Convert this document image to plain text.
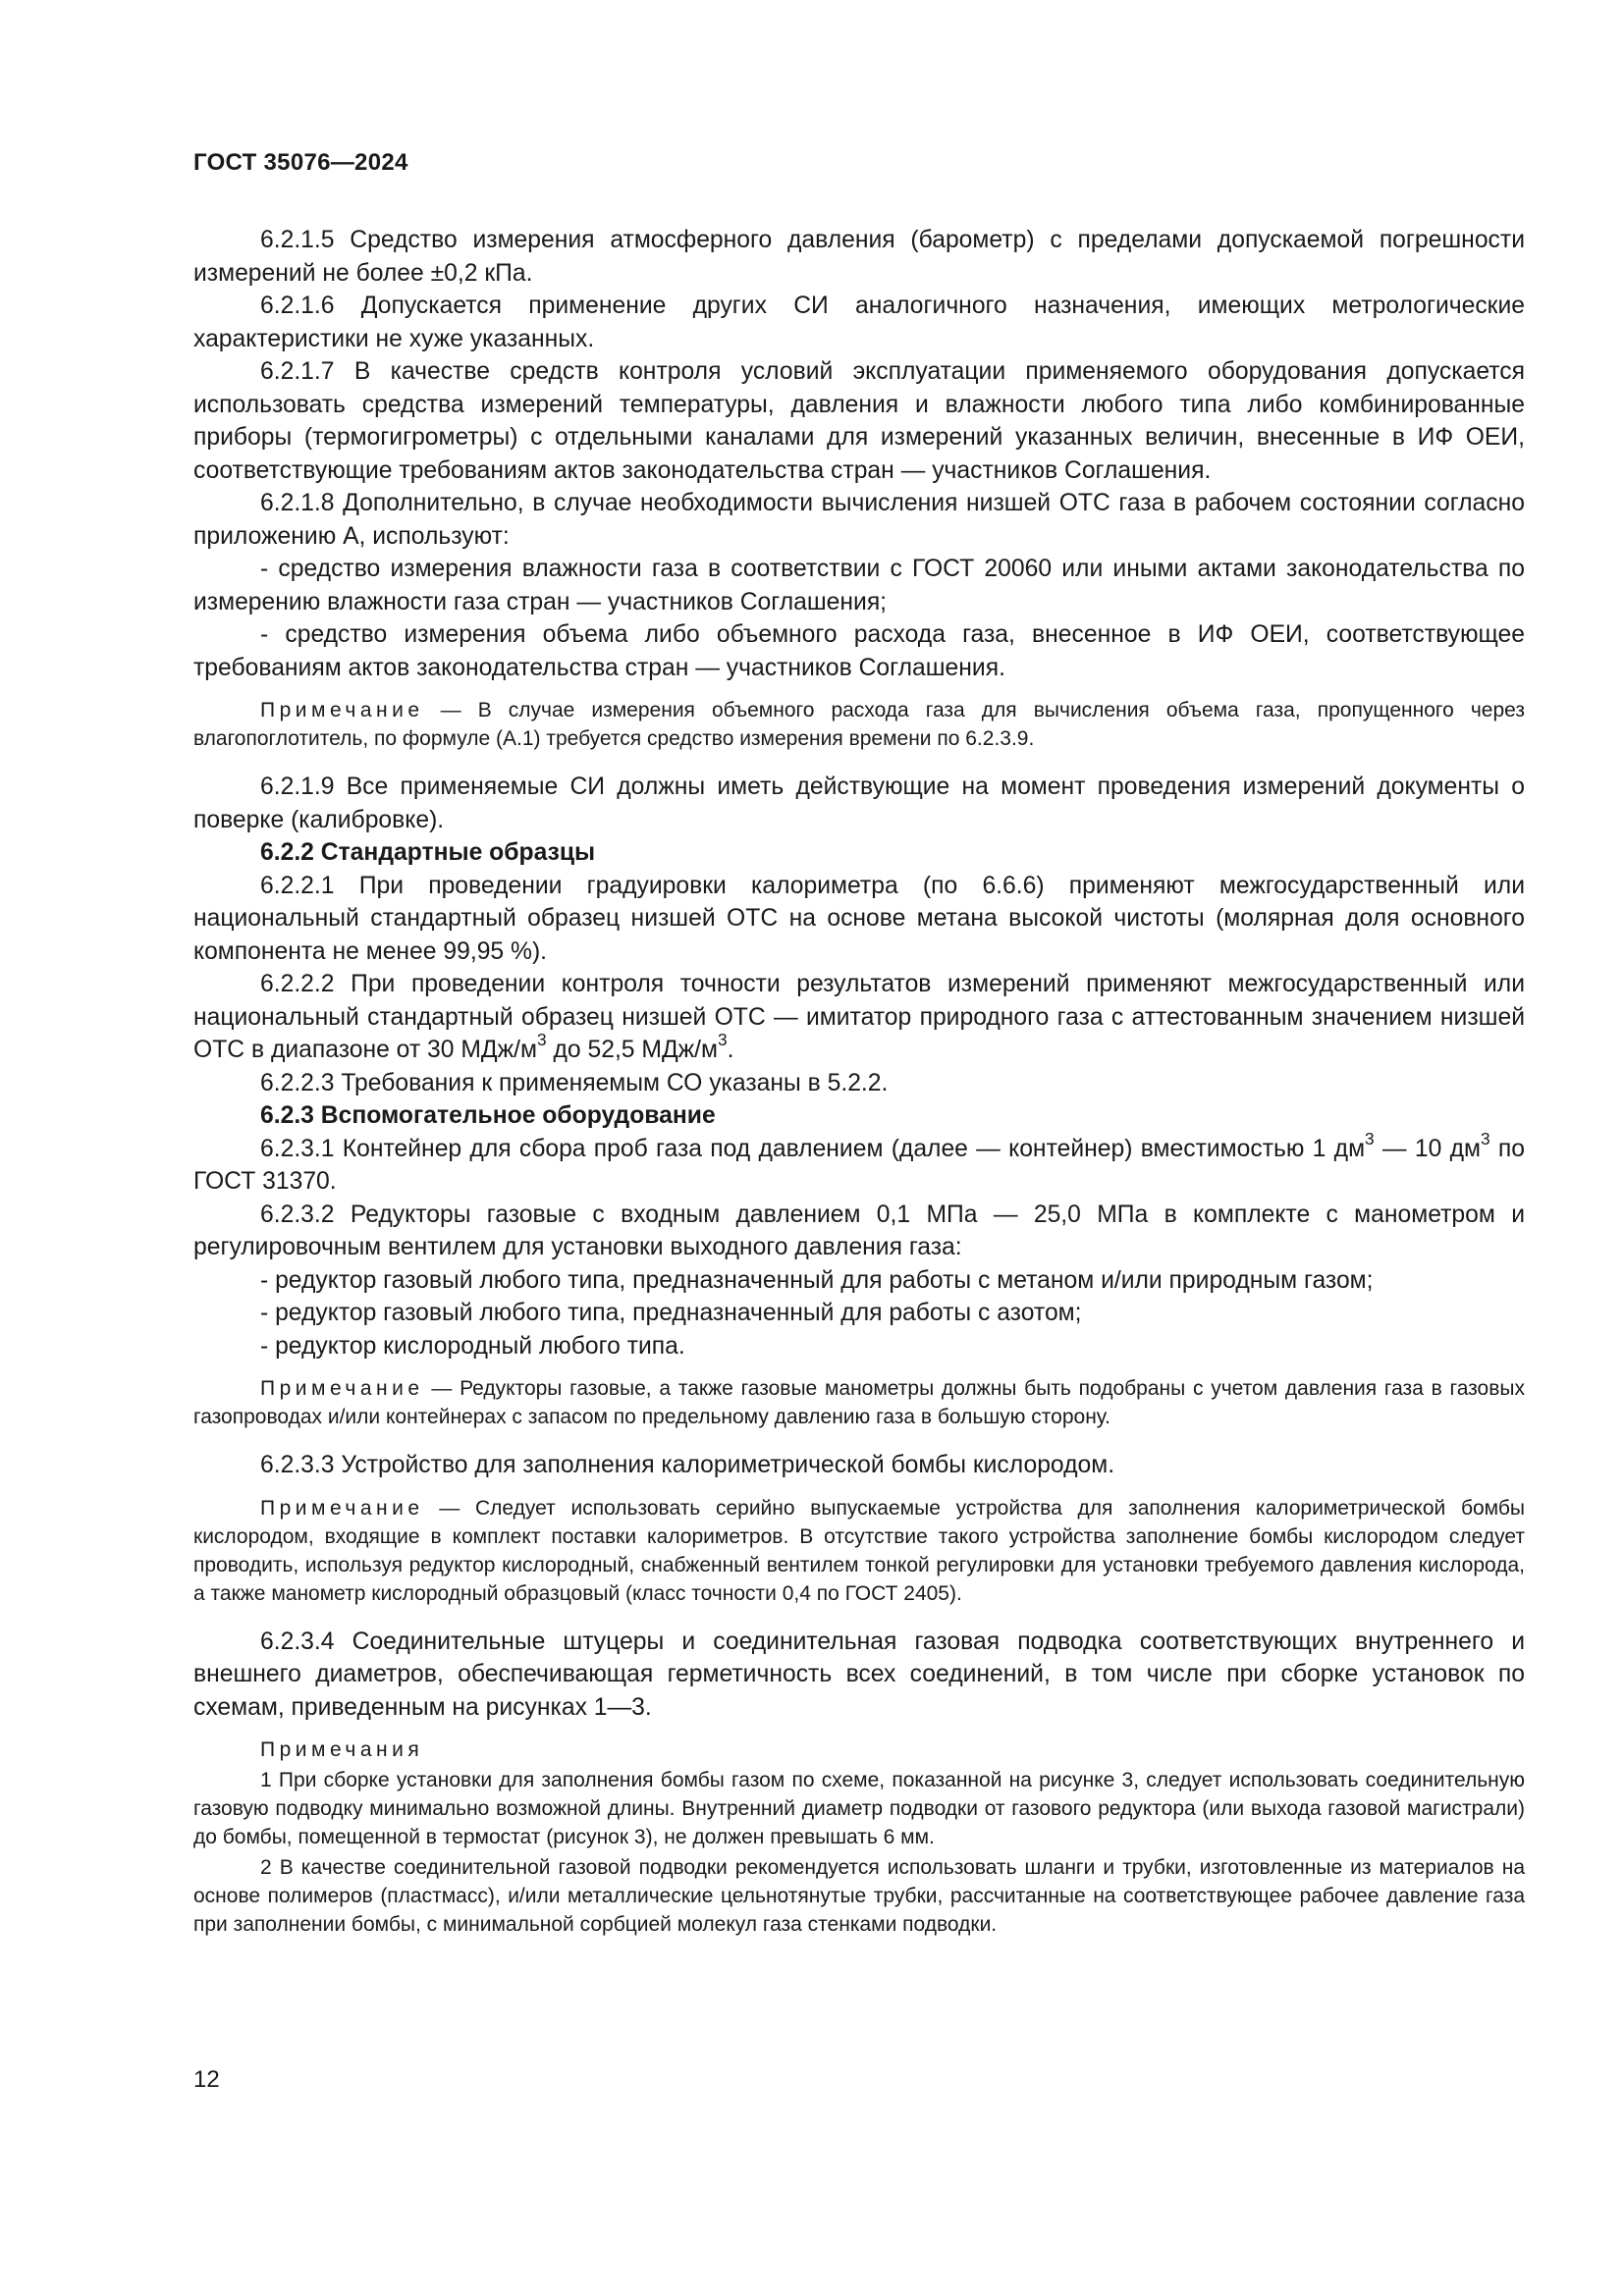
ГОСТ 35076—2024

6.2.1.5 Средство измерения атмосферного давления (барометр) с пределами допускаемой погрешности измерений не более ±0,2 кПа.

6.2.1.6 Допускается применение других СИ аналогичного назначения, имеющих метрологические характеристики не хуже указанных.

6.2.1.7 В качестве средств контроля условий эксплуатации применяемого оборудования допускается использовать средства измерений температуры, давления и влажности любого типа либо комбинированные приборы (термогигрометры) с отдельными каналами для измерений указанных величин, внесенные в ИФ ОЕИ, соответствующие требованиям актов законодательства стран — участников Соглашения.

6.2.1.8 Дополнительно, в случае необходимости вычисления низшей ОТС газа в рабочем состоянии согласно приложению А, используют:

- средство измерения влажности газа в соответствии с ГОСТ 20060 или иными актами законодательства по измерению влажности газа стран — участников Соглашения;

- средство измерения объема либо объемного расхода газа, внесенное в ИФ ОЕИ, соответствующее требованиям актов законодательства стран — участников Соглашения.

Примечание — В случае измерения объемного расхода газа для вычисления объема газа, пропущенного через влагопоглотитель, по формуле (А.1) требуется средство измерения времени по 6.2.3.9.

6.2.1.9 Все применяемые СИ должны иметь действующие на момент проведения измерений документы о поверке (калибровке).

6.2.2 Стандартные образцы

6.2.2.1 При проведении градуировки калориметра (по 6.6.6) применяют межгосударственный или национальный стандартный образец низшей ОТС на основе метана высокой чистоты (молярная доля основного компонента не менее 99,95 %).

6.2.2.2 При проведении контроля точности результатов измерений применяют межгосударственный или национальный стандартный образец низшей ОТС — имитатор природного газа с аттестованным значением низшей ОТС в диапазоне от 30 МДж/$м^3$ до 52,5 МДж/$м^3$.

6.2.2.3 Требования к применяемым СО указаны в 5.2.2.

6.2.3 Вспомогательное оборудование

6.2.3.1 Контейнер для сбора проб газа под давлением (далее — контейнер) вместимостью 1 $дм^3$ — 10 $дм^3$ по ГОСТ 31370.

6.2.3.2 Редукторы газовые с входным давлением 0,1 МПа — 25,0 МПа в комплекте с манометром и регулировочным вентилем для установки выходного давления газа:

- редуктор газовый любого типа, предназначенный для работы с метаном и/или природным газом;

- редуктор газовый любого типа, предназначенный для работы с азотом;

- редуктор кислородный любого типа.

Примечание — Редукторы газовые, а также газовые манометры должны быть подобраны с учетом давления газа в газовых газопроводах и/или контейнерах с запасом по предельному давлению газа в большую сторону.

6.2.3.3 Устройство для заполнения калориметрической бомбы кислородом.

Примечание — Следует использовать серийно выпускаемые устройства для заполнения калориметрической бомбы кислородом, входящие в комплект поставки калориметров. В отсутствие такого устройства заполнение бомбы кислородом следует проводить, используя редуктор кислородный, снабженный вентилем тонкой регулировки для установки требуемого давления кислорода, а также манометр кислородный образцовый (класс точности 0,4 по ГОСТ 2405).

6.2.3.4 Соединительные штуцеры и соединительная газовая подводка соответствующих внутреннего и внешнего диаметров, обеспечивающая герметичность всех соединений, в том числе при сборке установок по схемам, приведенным на рисунках 1—3.

Примечания

1 При сборке установки для заполнения бомбы газом по схеме, показанной на рисунке 3, следует использовать соединительную газовую подводку минимально возможной длины. Внутренний диаметр подводки от газового редуктора (или выхода газовой магистрали) до бомбы, помещенной в термостат (рисунок 3), не должен превышать 6 мм.

2 В качестве соединительной газовой подводки рекомендуется использовать шланги и трубки, изготовленные из материалов на основе полимеров (пластмасс), и/или металлические цельнотянутые трубки, рассчитанные на соответствующее рабочее давление газа при заполнении бомбы, с минимальной сорбцией молекул газа стенками подводки.

12
